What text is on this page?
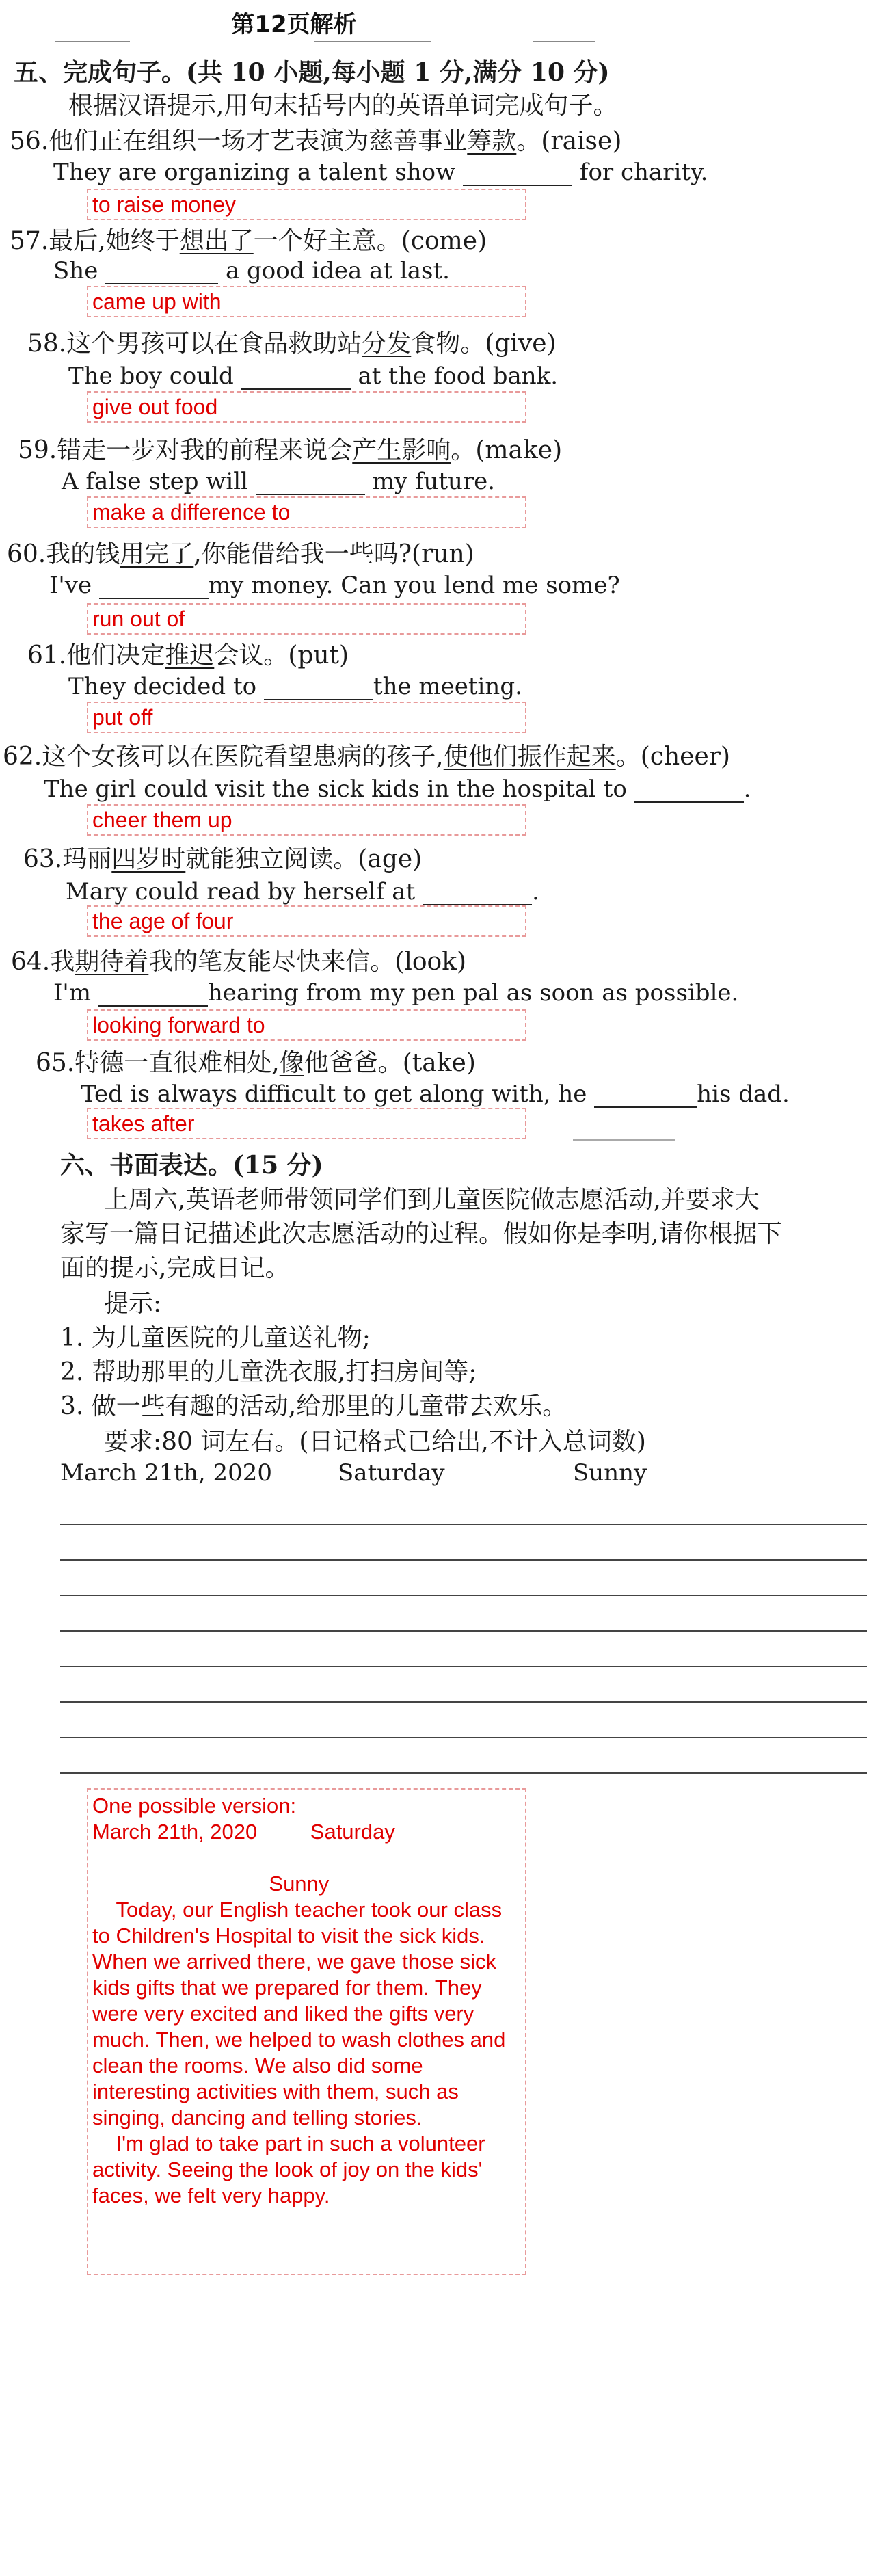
第12页解析
五、完成句子。(共 10 小题,每小题 1 分,满分 10 分)
根据汉语提示,用句末括号内的英语单词完成句子。
56.他们正在组织一场才艺表演为慈善事业筹款。(raise)
They are organizing a talent show	for charity.
to raise money
57.最后,她终于想出了一个好主意。(come)
She	a good idea at last.
came up with
58.这个男孩可以在食品救助站分发食物。(give)
The boy could	at the food bank.
give out food
59.错走一步对我的前程来说会产生影响。(make)
A false step will	my future.
make a difference to
60.我的钱用完了,你能借给我一些吗?(run)
I've	my money. Can you lend me some?
run out of
61.他们决定推迟会议。(put)
They decided to	the meeting.
put off
62.这个女孩可以在医院看望患病的孩子,使他们振作起来。(cheer)
The girl could visit the sick kids in the hospital to	.
cheer them up
63.玛丽四岁时就能独立阅读。(age)
Mary could read by herself at	.
the age of four
64.我期待着我的笔友能尽快来信。(look)
I'm	hearing from my pen pal as soon as possible.
looking forward to
65.特德一直很难相处,像他爸爸。(take)
Ted is always difficult to get along with, he	his dad.
takes after
六、书面表达。(15 分)
上周六,英语老师带领同学们到儿童医院做志愿活动,并要求大
家写一篇日记描述此次志愿活动的过程。假如你是李明,请你根据下
面的提示,完成日记。
提示:
1. 为儿童医院的儿童送礼物;
2. 帮助那里的儿童洗衣服,打扫房间等;
3. 做一些有趣的活动,给那里的儿童带去欢乐。
要求:80 词左右。(日记格式已给出,不计入总词数)
March 21th, 2020	Saturday	Sunny
One possible version:
March 21th, 2020         Saturday

Sunny
Today, our English teacher took our class to Children's Hospital to visit the sick kids. When we arrived there, we gave those sick kids gifts that we prepared for them. They were very excited and liked the gifts very much. Then, we helped to wash clothes and clean the rooms. We also did some interesting activities with them, such as singing, dancing and telling stories.
I'm glad to take part in such a volunteer activity. Seeing the look of joy on the kids' faces, we felt very happy.
